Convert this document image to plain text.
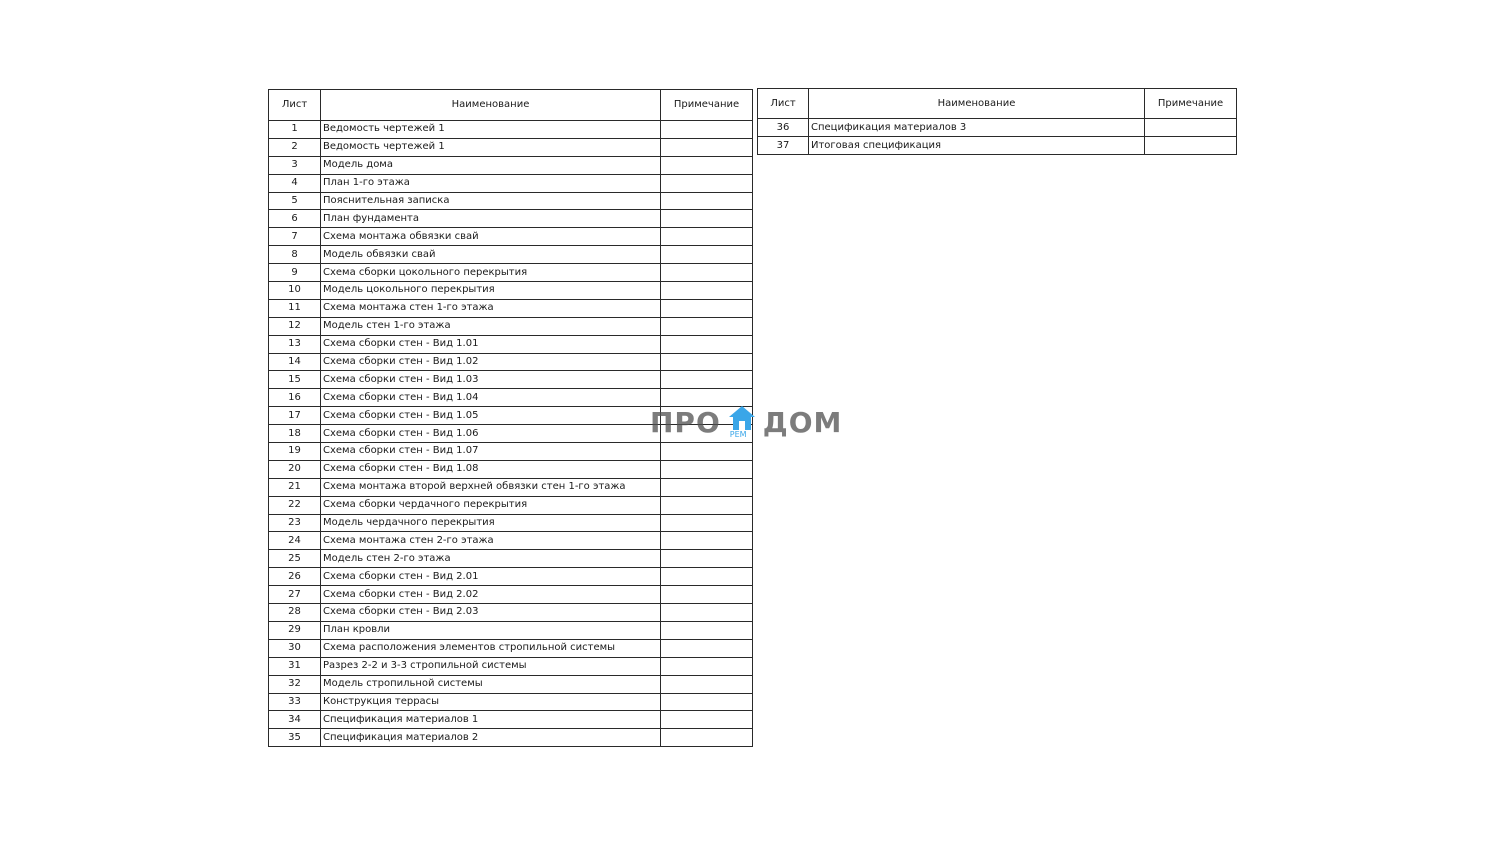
Лист	Наименование	Примечание
1	Ведомость чертежей 1	
2	Ведомость чертежей 1	
3	Модель дома	
4	План 1-го этажа	
5	Пояснительная записка	
6	План фундамента	
7	Схема монтажа обвязки свай	
8	Модель обвязки свай	
9	Схема сборки цокольного перекрытия	
10	Модель цокольного перекрытия	
11	Схема монтажа стен 1-го этажа	
12	Модель стен 1-го этажа	
13	Схема сборки стен - Вид 1.01	
14	Схема сборки стен - Вид 1.02	
15	Схема сборки стен - Вид 1.03	
16	Схема сборки стен - Вид 1.04	
17	Схема сборки стен - Вид 1.05	
18	Схема сборки стен - Вид 1.06	
19	Схема сборки стен - Вид 1.07	
20	Схема сборки стен - Вид 1.08	
21	Схема монтажа второй верхней обвязки стен 1-го этажа	
22	Схема сборки чердачного перекрытия	
23	Модель чердачного перекрытия	
24	Схема монтажа стен 2-го этажа	
25	Модель стен 2-го этажа	
26	Схема сборки стен - Вид 2.01	
27	Схема сборки стен - Вид 2.02	
28	Схема сборки стен - Вид 2.03	
29	План кровли	
30	Схема расположения элементов стропильной системы	
31	Разрез 2-2 и 3-3 стропильной системы	
32	Модель стропильной системы	
33	Конструкция террасы	
34	Спецификация материалов 1	
35	Спецификация материалов 2	
Лист	Наименование	Примечание
36	Спецификация материалов 3	
37	Итоговая спецификация	
ПРО РЕМ ДОМ
